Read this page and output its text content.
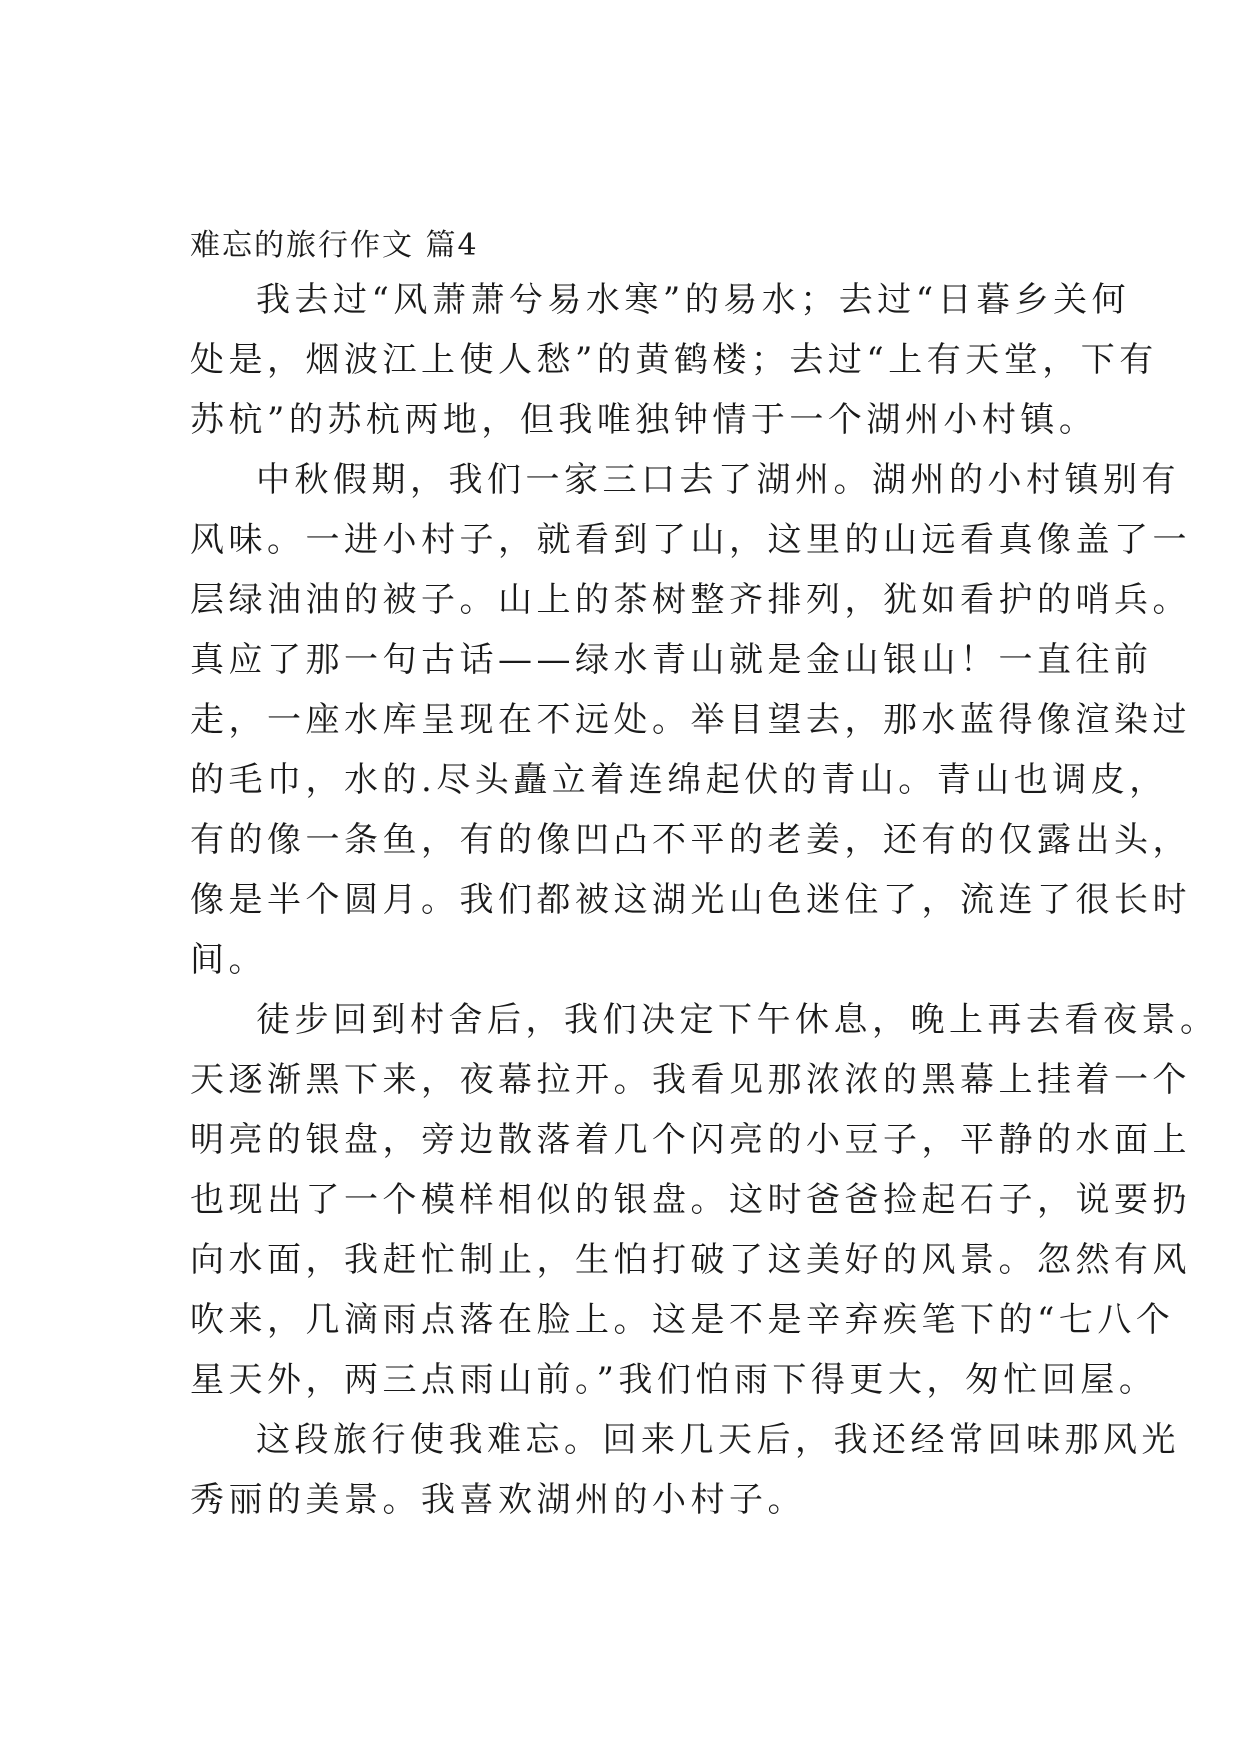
难忘的旅行作文 篇4
我去过“风萧萧兮易水寒”的易水；去过“日暮乡关何
处是，烟波江上使人愁”的黄鹤楼；去过“上有天堂，下有
苏杭”的苏杭两地，但我唯独钟情于一个湖州小村镇。
中秋假期，我们一家三口去了湖州。湖州的小村镇别有
风味。一进小村子，就看到了山，这里的山远看真像盖了一
层绿油油的被子。山上的茶树整齐排列，犹如看护的哨兵。
真应了那一句古话——绿水青山就是金山银山！一直往前
走，一座水库呈现在不远处。举目望去，那水蓝得像渲染过
的毛巾，水的.尽头矗立着连绵起伏的青山。青山也调皮，
有的像一条鱼，有的像凹凸不平的老姜，还有的仅露出头，
像是半个圆月。我们都被这湖光山色迷住了，流连了很长时
间。
徒步回到村舍后，我们决定下午休息，晚上再去看夜景。
天逐渐黑下来，夜幕拉开。我看见那浓浓的黑幕上挂着一个
明亮的银盘，旁边散落着几个闪亮的小豆子，平静的水面上
也现出了一个模样相似的银盘。这时爸爸捡起石子，说要扔
向水面，我赶忙制止，生怕打破了这美好的风景。忽然有风
吹来，几滴雨点落在脸上。这是不是辛弃疾笔下的“七八个
星天外，两三点雨山前。”我们怕雨下得更大，匆忙回屋。
这段旅行使我难忘。回来几天后，我还经常回味那风光
秀丽的美景。我喜欢湖州的小村子。
